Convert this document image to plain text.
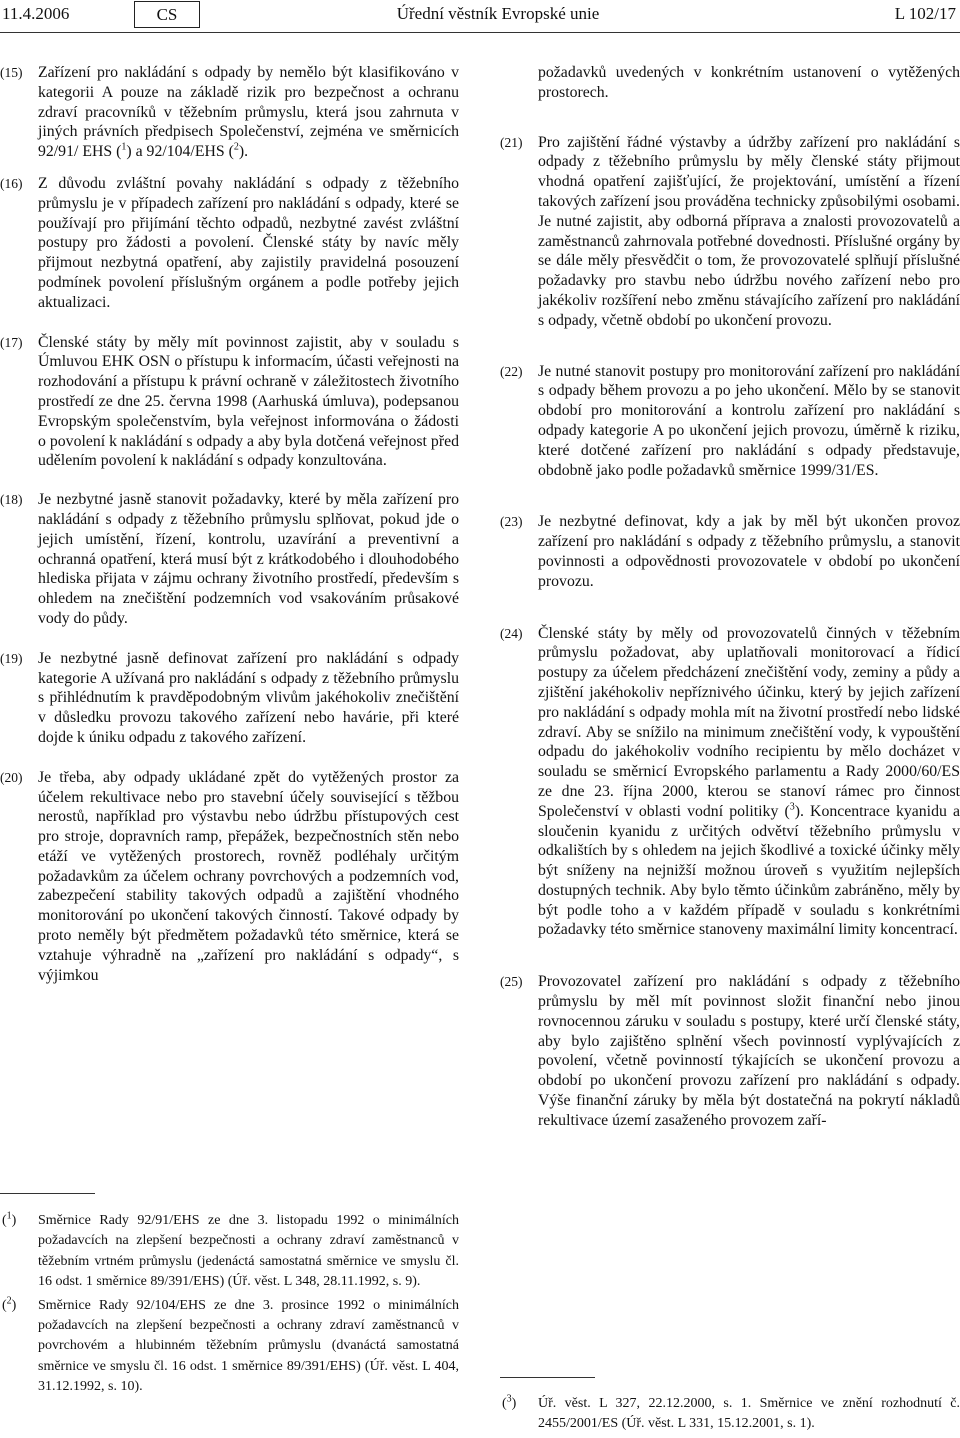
11.4.2006	CS	Úřední věstník Evropské unie	L 102/17
(15) Zařízení pro nakládání s odpady by nemělo být klasifikováno v kategorii A pouze na základě rizik pro bezpečnost a ochranu zdraví pracovníků v těžebním průmyslu, která jsou zahrnuta v jiných právních předpisech Společenství, zejména ve směrnicích 92/91/ EHS ($^1$) a 92/104/EHS ($^2$).
(16) Z důvodu zvláštní povahy nakládání s odpady z těžebního průmyslu je v případech zařízení pro nakládání s odpady, které se používají pro přijímání těchto odpadů, nezbytné zavést zvláštní postupy pro žádosti a povolení. Členské státy by navíc měly přijmout nezbytná opatření, aby zajistily pravidelná posouzení podmínek povolení příslušným orgánem a podle potřeby jejich aktualizaci.
(17) Členské státy by měly mít povinnost zajistit, aby v souladu s Úmluvou EHK OSN o přístupu k informacím, účasti veřejnosti na rozhodování a přístupu k právní ochraně v záležitostech životního prostředí ze dne 25. června 1998 (Aarhuská úmluva), podepsanou Evropským společenstvím, byla veřejnost informována o žádosti o povolení k nakládání s odpady a aby byla dotčená veřejnost před udělením povolení k nakládání s odpady konzultována.
(18) Je nezbytné jasně stanovit požadavky, které by měla zařízení pro nakládání s odpady z těžebního průmyslu splňovat, pokud jde o jejich umístění, řízení, kontrolu, uzavírání a preventivní a ochranná opatření, která musí být z krátkodobého i dlouhodobého hlediska přijata v zájmu ochrany životního prostředí, především s ohledem na znečištění podzemních vod vsakováním průsakové vody do půdy.
(19) Je nezbytné jasně definovat zařízení pro nakládání s odpady kategorie A užívaná pro nakládání s odpady z těžebního průmyslu s přihlédnutím k pravděpodobným vlivům jakéhokoliv znečištění v důsledku provozu takového zařízení nebo havárie, při které dojde k úniku odpadu z takového zařízení.
(20) Je třeba, aby odpady ukládané zpět do vytěžených prostor za účelem rekultivace nebo pro stavební účely související s těžbou nerostů, například pro výstavbu nebo údržbu přístupových cest pro stroje, dopravních ramp, přepážek, bezpečnostních stěn nebo etáží ve vytěžených prostorech, rovněž podléhaly určitým požadavkům za účelem ochrany povrchových a podzemních vod, zabezpečení stability takových odpadů a zajištění vhodného monitorování po ukončení takových činností. Takové odpady by proto neměly být předmětem požadavků této směrnice, která se vztahuje výhradně na „zařízení pro nakládání s odpady“, s výjimkou
požadavků uvedených v konkrétním ustanovení o vytěžených prostorech.
(21) Pro zajištění řádné výstavby a údržby zařízení pro nakládání s odpady z těžebního průmyslu by měly členské státy přijmout vhodná opatření zajišťující, že projektování, umístění a řízení takových zařízení jsou prováděna technicky způsobilými osobami. Je nutné zajistit, aby odborná příprava a znalosti provozovatelů a zaměstnanců zahrnovala potřebné dovednosti. Příslušné orgány by se dále měly přesvědčit o tom, že provozovatelé splňují příslušné požadavky pro stavbu nebo údržbu nového zařízení nebo pro jakékoliv rozšíření nebo změnu stávajícího zařízení pro nakládání s odpady, včetně období po ukončení provozu.
(22) Je nutné stanovit postupy pro monitorování zařízení pro nakládání s odpady během provozu a po jeho ukončení. Mělo by se stanovit období pro monitorování a kontrolu zařízení pro nakládání s odpady kategorie A po ukončení jejich provozu, úměrně k riziku, které dotčené zařízení pro nakládání s odpady představuje, obdobně jako podle požadavků směrnice 1999/31/ES.
(23) Je nezbytné definovat, kdy a jak by měl být ukončen provoz zařízení pro nakládání s odpady z těžebního průmyslu, a stanovit povinnosti a odpovědnosti provozovatele v období po ukončení provozu.
(24) Členské státy by měly od provozovatelů činných v těžebním průmyslu požadovat, aby uplatňovali monitorovací a řídicí postupy za účelem předcházení znečištění vody, zeminy a půdy a zjištění jakéhokoliv nepříznivého účinku, který by jejich zařízení pro nakládání s odpady mohla mít na životní prostředí nebo lidské zdraví. Aby se snížilo na minimum znečištění vody, k vypouštění odpadu do jakéhokoliv vodního recipientu by mělo docházet v souladu se směrnicí Evropského parlamentu a Rady 2000/60/ES ze dne 23. října 2000, kterou se stanoví rámec pro činnost Společenství v oblasti vodní politiky ($^3$). Koncentrace kyanidu a sloučenin kyanidu z určitých odvětví těžebního průmyslu v odkalištích by s ohledem na jejich škodlivé a toxické účinky měly být sníženy na nejnižší možnou úroveň s využitím nejlepších dostupných technik. Aby bylo těmto účinkům zabráněno, měly by být podle toho a v každém případě v souladu s konkrétními požadavky této směrnice stanoveny maximální limity koncentrací.
(25) Provozovatel zařízení pro nakládání s odpady z těžebního průmyslu by měl mít povinnost složit finanční nebo jinou rovnocennou záruku v souladu s postupy, které určí členské státy, aby bylo zajištěno splnění všech povinností vyplývajících z povolení, včetně povinností týkajících se ukončení provozu a období po ukončení provozu zařízení pro nakládání s odpady. Výše finanční záruky by měla být dostatečná na pokrytí nákladů rekultivace území zasaženého provozem zaří-
($^1$) Směrnice Rady 92/91/EHS ze dne 3. listopadu 1992 o minimálních požadavcích na zlepšení bezpečnosti a ochrany zdraví zaměstnanců v těžebním vrtném průmyslu (jedenáctá samostatná směrnice ve smyslu čl. 16 odst. 1 směrnice 89/391/EHS) (Úř. věst. L 348, 28.11.1992, s. 9).
($^2$) Směrnice Rady 92/104/EHS ze dne 3. prosince 1992 o minimálních požadavcích na zlepšení bezpečnosti a ochrany zdraví zaměstnanců v povrchovém a hlubinném těžebním průmyslu (dvanáctá samostatná směrnice ve smyslu čl. 16 odst. 1 směrnice 89/391/EHS) (Úř. věst. L 404, 31.12.1992, s. 10).
($^3$) Úř. věst. L 327, 22.12.2000, s. 1. Směrnice ve znění rozhodnutí č. 2455/2001/ES (Úř. věst. L 331, 15.12.2001, s. 1).
